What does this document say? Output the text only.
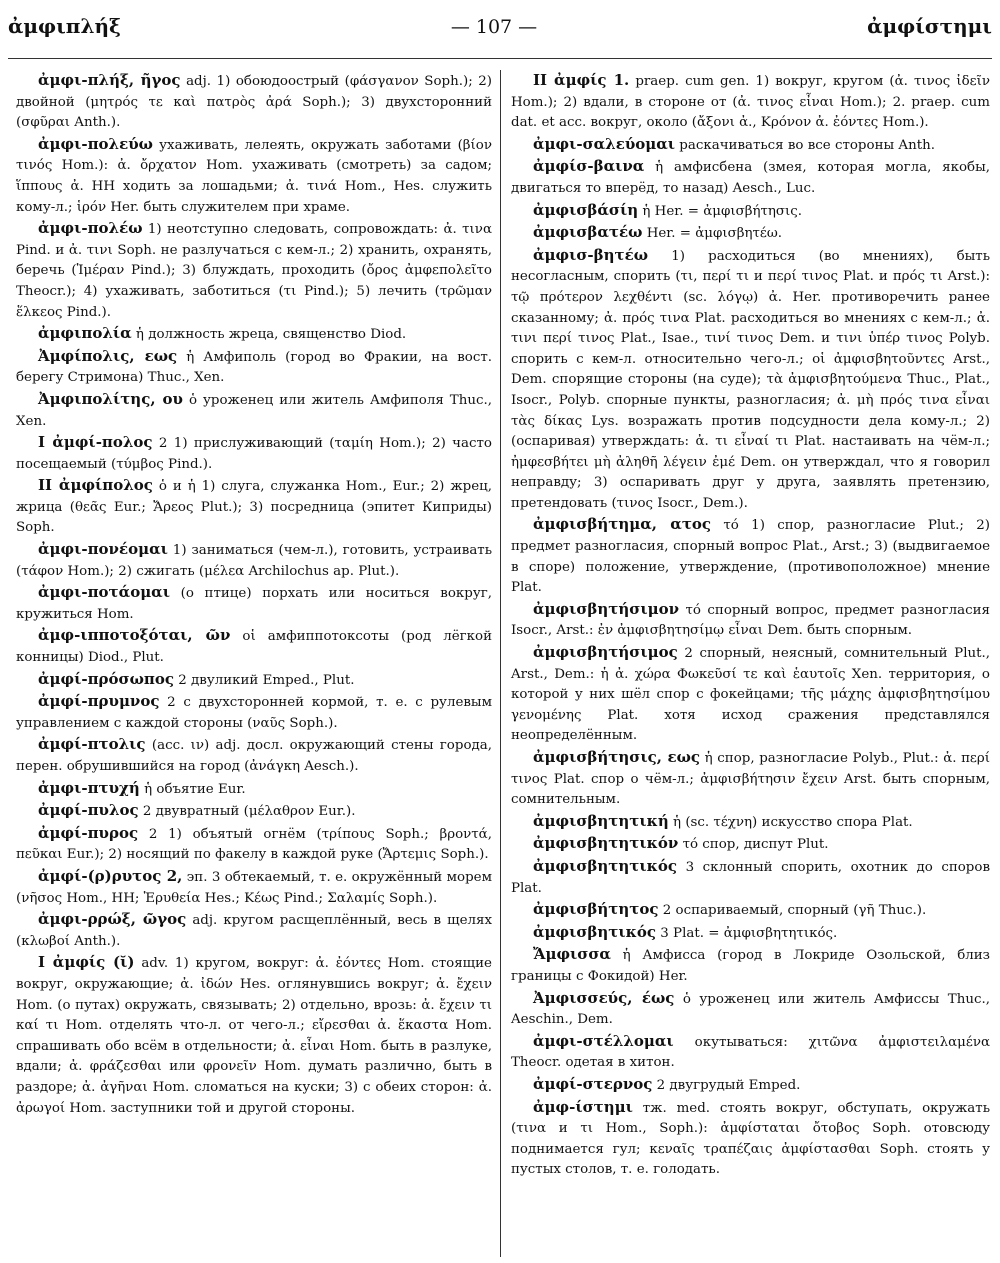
ἀμφιπλήξ	— 107 —	ἀμφίστημι

ἀμφι-πλήξ, ῆγος adj. 1) обоюдоострый (φάσγανον Soph.); 2) двойной (μητρός τε καὶ πατρὸς ἀρά Soph.); 3) двухсторонний (σφῦραι Anth.).

ἀμφι-πολεύω ухаживать, лелеять, окружать заботами (βίον τινός Hom.): ἀ. ὄρχατον Hom. ухаживать (смотреть) за садом; ἵππους ἀ. HH ходить за лошадьми; ἀ. τινά Hom., Hes. служить кому-л.; ἱρόν Her. быть служителем при храме.

ἀμφι-πολέω 1) неотступно следовать, сопровождать: ἀ. τινα Pind. и ἀ. τινι Soph. не разлучаться с кем-л.; 2) хранить, охранять, беречь (Ἱμέραν Pind.); 3) блуждать, проходить (ὄρος ἀμφεπολεῖτο Theocr.); 4) ухаживать, заботиться (τι Pind.); 5) лечить (τρῶμαν ἕλκεος Pind.).

ἀμφιπολία ἡ должность жреца, священство Diod.

Ἀμφίπολις, εως ἡ Амфиполь (город во Фракии, на вост. берегу Стримона) Thuc., Xen.

Ἀμφιπολίτης, ου ὁ уроженец или житель Амфиполя Thuc., Xen.

I ἀμφί-πολος 2 1) прислуживающий (ταμίη Hom.); 2) часто посещаемый (τύμβος Pind.).

II ἀμφίπολος ὁ и ἡ 1) слуга, служанка Hom., Eur.; 2) жрец, жрица (θεᾶς Eur.; Ἄρεος Plut.); 3) посредница (эпитет Киприды) Soph.

ἀμφι-πονέομαι 1) заниматься (чем-л.), готовить, устраивать (τάφον Hom.); 2) сжигать (μέλεα Archilochus ap. Plut.).

ἀμφι-ποτάομαι (о птице) порхать или носиться вокруг, кружиться Hom.

ἀμφ-ιπποτοξόται, ῶν οἱ амфиппотоксоты (род лёгкой конницы) Diod., Plut.

ἀμφί-πρόσωπος 2 двуликий Emped., Plut.

ἀμφί-πρυμνος 2 с двухсторонней кормой, т. е. с рулевым управлением с каждой стороны (ναῦς Soph.).

ἀμφί-πτολις (acc. ιν) adj. досл. окружающий стены города, перен. обрушившийся на город (ἀνάγκη Aesch.).

ἀμφι-πτυχή ἡ объятие Eur.

ἀμφί-πυλος 2 двувратный (μέλαθρον Eur.).

ἀμφί-πυρος 2 1) объятый огнём (τρίπους Soph.; βροντά, πεῦκαι Eur.); 2) носящий по факелу в каждой руке (Ἄρτεμις Soph.).

ἀμφί-(ρ)ρυτος 2, эп. 3 обтекаемый, т. е. окружённый морем (νῆσος Hom., HH; Ἐρυθεία Hes.; Κέως Pind.; Σαλαμίς Soph.).

ἀμφι-ρρώξ, ῶγος adj. кругом расщеплённый, весь в щелях (κλωβοί Anth.).

I ἀμφίς (ῐ) adv. 1) кругом, вокруг: ἀ. ἐόντες Hom. стоящие вокруг, окружающие; ἀ. ἰδών Hes. оглянувшись вокруг; ἀ. ἔχειν Hom. (о путах) окружать, связывать; 2) отдельно, врозь: ἀ. ἔχειν τι καί τι Hom. отделять что-л. от чего-л.; εἴρεσθαι ἀ. ἕκαστα Hom. спрашивать обо всём в отдельности; ἀ. εἶναι Hom. быть в разлуке, вдали; ἀ. φράζεσθαι или φρονεῖν Hom. думать различно, быть в раздоре; ἀ. ἀγῆναι Hom. сломаться на куски; 3) с обеих сторон: ἀ. ἀρωγοί Hom. заступники той и другой стороны.

II ἀμφίς 1. praep. cum gen. 1) вокруг, кругом (ἀ. τινος ἰδεῖν Hom.); 2) вдали, в стороне от (ἀ. τινος εἶναι Hom.); 2. praep. cum dat. et acc. вокруг, около (ἄξονι ἀ., Κρόνον ἀ. ἐόντες Hom.).

ἀμφι-σαλεύομαι раскачиваться во все стороны Anth.

ἀμφίσ-βαινα ἡ амфисбена (змея, которая могла, якобы, двигаться то вперёд, то назад) Aesch., Luc.

ἀμφισβάσίη ἡ Her. = ἀμφισβήτησις.

ἀμφισβατέω Her. = ἀμφισβητέω.

ἀμφισ-βητέω 1) расходиться (во мнениях), быть несогласным, спорить (τι, περί τι и περί τινος Plat. и πρός τι Arst.): τῷ πρότερον λεχθέντι (sc. λόγῳ) ἀ. Her. противоречить ранее сказанному; ἀ. πρός τινα Plat. расходиться во мнениях с кем-л.; ἀ. τινι περί τινος Plat., Isae., τινί τινος Dem. и τινι ὑπέρ τινος Polyb. спорить с кем-л. относительно чего-л.; οἱ ἀμφισβητοῦντες Arst., Dem. спорящие стороны (на суде); τὰ ἀμφισβητούμενα Thuc., Plat., Isocr., Polyb. спорные пункты, разногласия; ἀ. μὴ πρός τινα εἶναι τὰς δίκας Lys. возражать против подсудности дела кому-л.; 2) (оспаривая) утверждать: ἀ. τι εἶναί τι Plat. настаивать на чём-л.; ἠμφεσβήτει μὴ ἀληθῆ λέγειν ἐμέ Dem. он утверждал, что я говорил неправду; 3) оспаривать друг у друга, заявлять претензию, претендовать (τινος Isocr., Dem.).

ἀμφισβήτημα, ατος τό 1) спор, разногласие Plut.; 2) предмет разногласия, спорный вопрос Plat., Arst.; 3) (выдвигаемое в споре) положение, утверждение, (противоположное) мнение Plat.

ἀμφισβητήσιμον τό спорный вопрос, предмет разногласия Isocr., Arst.: ἐν ἀμφισβητησίμῳ εἶναι Dem. быть спорным.

ἀμφισβητήσιμος 2 спорный, неясный, сомнительный Plut., Arst., Dem.: ἡ ἀ. χώρα Φωκεῦσί τε καὶ ἑαυτοῖς Xen. территория, о которой у них шёл спор с фокейцами; τῆς μάχης ἀμφισβητησίμου γενομένης Plat. хотя исход сражения представлялся неопределённым.

ἀμφισβήτησις, εως ἡ спор, разногласие Polyb., Plut.: ἀ. περί τινος Plat. спор о чём-л.; ἀμφισβήτησιν ἔχειν Arst. быть спорным, сомнительным.

ἀμφισβητητική ἡ (sc. τέχνη) искусство спора Plat.

ἀμφισβητητικόν τό спор, диспут Plut.

ἀμφισβητητικός 3 склонный спорить, охотник до споров Plat.

ἀμφισβήτητος 2 оспариваемый, спорный (γῆ Thuc.).

ἀμφισβητικός 3 Plat. = ἀμφισβητητικός.

Ἄμφισσα ἡ Амфисса (город в Локриде Озольской, близ границы с Фокидой) Her.

Ἀμφισσεύς, έως ὁ уроженец или житель Амфиссы Thuc., Aeschin., Dem.

ἀμφι-στέλλομαι окутываться: χιτῶνα ἀμφιστειλαμένα Theocr. одетая в хитон.

ἀμφί-στερνος 2 двугрудый Emped.

ἀμφ-ίστημι тж. med. стоять вокруг, обступать, окружать (τινα и τι Hom., Soph.): ἀμφίσταται ὄτοβος Soph. отовсюду поднимается гул; κεναῖς τραπέζαις ἀμφίστασθαι Soph. стоять у пустых столов, т. е. голодать.
